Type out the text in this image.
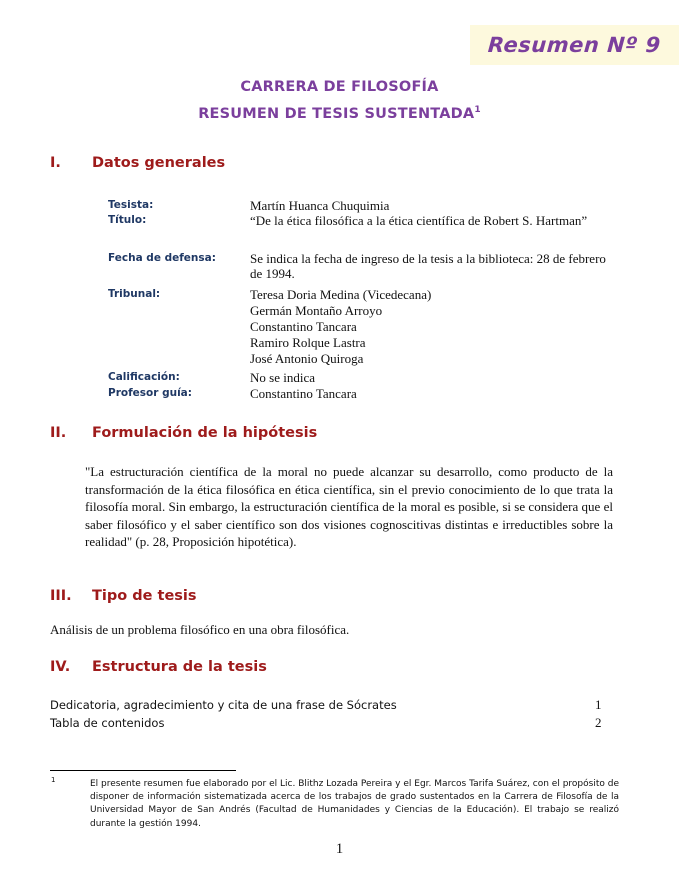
Resumen Nº 9
CARRERA DE FILOSOFÍA
RESUMEN DE TESIS SUSTENTADA$^1$
I. Datos generales
Tesista:	Martín Huanca Chuquimia
Título:	“De la ética filosófica a la ética científica de Robert S. Hartman”
Fecha de defensa:	Se indica la fecha de ingreso de la tesis a la biblioteca: 28 de febrero de 1994.
Tribunal:	Teresa Doria Medina (Vicedecana)
Germán Montaño Arroyo
Constantino Tancara
Ramiro Rolque Lastra
José Antonio Quiroga
Calificación:	No se indica
Profesor guía:	Constantino Tancara
II. Formulación de la hipótesis
"La estructuración científica de la moral no puede alcanzar su desarrollo, como producto de la transformación de la ética filosófica en ética científica, sin el previo conocimiento de lo que trata la filosofía moral. Sin embargo, la estructuración científica de la moral es posible, si se considera que el saber filosófico y el saber científico son dos visiones cognoscitivas distintas e irreductibles sobre la realidad" (p. 28, Proposición hipotética).
III. Tipo de tesis
Análisis de un problema filosófico en una obra filosófica.
IV. Estructura de la tesis
Dedicatoria, agradecimiento y cita de una frase de Sócrates	1
Tabla de contenidos	2
1	El presente resumen fue elaborado por el Lic. Blithz Lozada Pereira y el Egr. Marcos Tarifa Suárez, con el propósito de disponer de información sistematizada acerca de los trabajos de grado sustentados en la Carrera de Filosofía de la Universidad Mayor de San Andrés (Facultad de Humanidades y Ciencias de la Educación). El trabajo se realizó durante la gestión 1994.
1
